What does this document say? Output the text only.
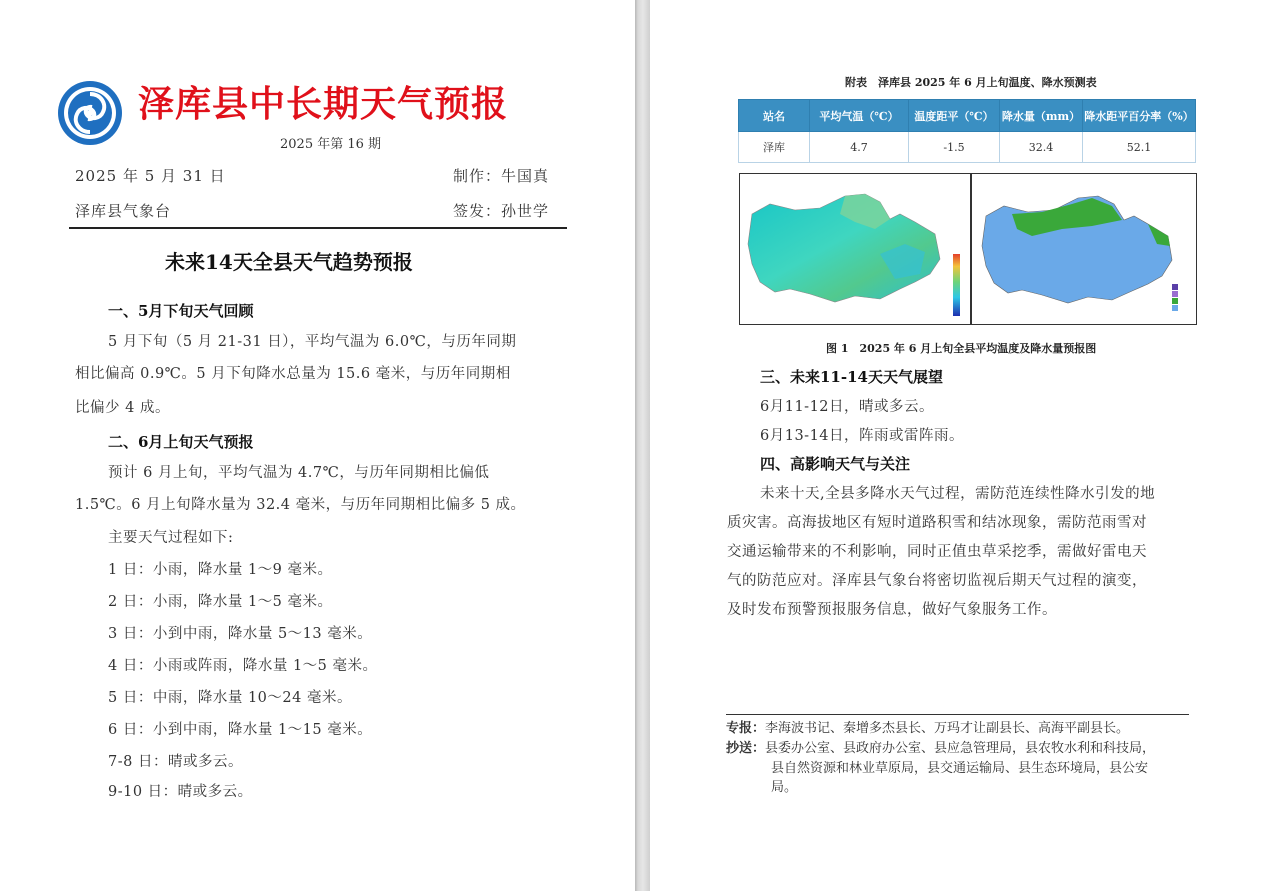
泽库县中长期天气预报
2025 年第 16 期
2025 年 5 月 31 日	制作：牛国真
泽库县气象台	签发：孙世学
未来14天全县天气趋势预报
一、5月下旬天气回顾
5 月下旬（5 月 21-31 日），平均气温为 6.0℃，与历年同期
相比偏高 0.9℃。5 月下旬降水总量为 15.6 毫米，与历年同期相
比偏少 4 成。
二、6月上旬天气预报
预计 6 月上旬，平均气温为 4.7℃，与历年同期相比偏低
1.5℃。6 月上旬降水量为 32.4 毫米，与历年同期相比偏多 5 成。
主要天气过程如下:
1 日：小雨，降水量 1～9 毫米。
2 日：小雨，降水量 1～5 毫米。
3 日：小到中雨，降水量 5～13 毫米。
4 日：小雨或阵雨，降水量 1～5 毫米。
5 日：中雨，降水量 10～24 毫米。
6 日：小到中雨，降水量 1～15 毫米。
7-8 日：晴或多云。
9-10 日：晴或多云。
附表　泽库县 2025 年 6 月上旬温度、降水预测表
站名	平均气温（℃）	温度距平（℃）	降水量（mm）	降水距平百分率（%）
泽库	4.7	-1.5	32.4	52.1
图 1　2025 年 6 月上旬全县平均温度及降水量预报图
三、未来11-14天天气展望
6月11-12日，晴或多云。
6月13-14日，阵雨或雷阵雨。
四、高影响天气与关注
未来十天,全县多降水天气过程，需防范连续性降水引发的地
质灾害。高海拔地区有短时道路积雪和结冰现象，需防范雨雪对
交通运输带来的不利影响，同时正值虫草采挖季，需做好雷电天
气的防范应对。泽库县气象台将密切监视后期天气过程的演变，
及时发布预警预报服务信息，做好气象服务工作。
专报：李海波书记、秦增多杰县长、万玛才让副县长、高海平副县长。
抄送：县委办公室、县政府办公室、县应急管理局，县农牧水利和科技局，
县自然资源和林业草原局，县交通运输局、县生态环境局，县公安
局。
